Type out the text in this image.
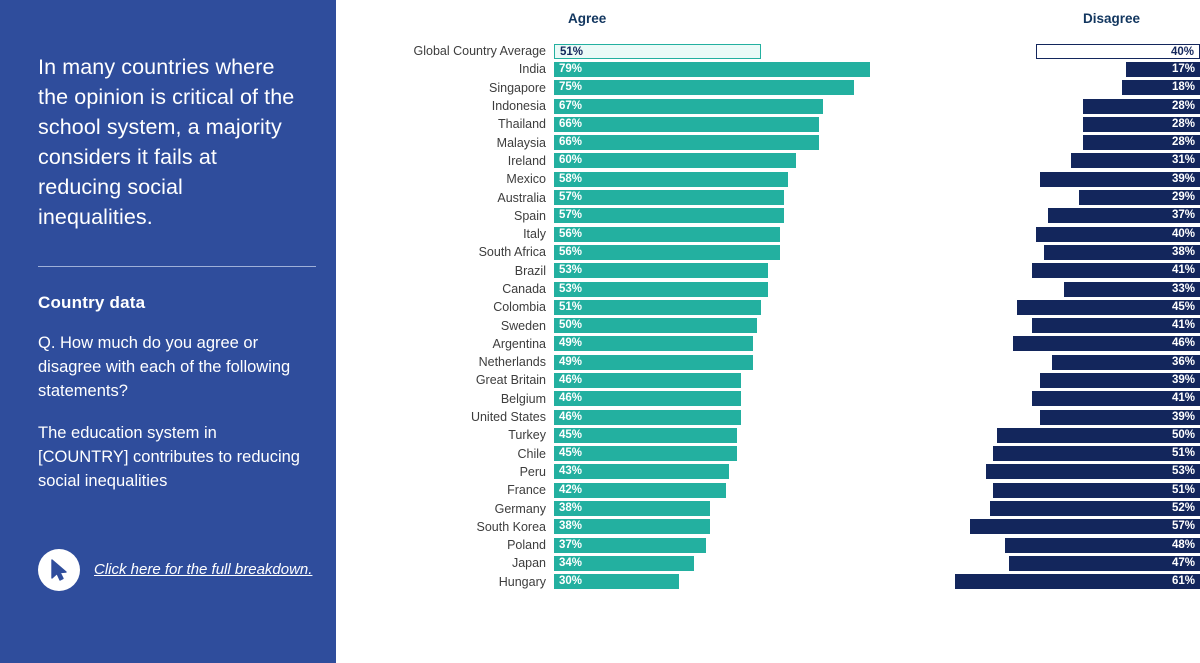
In many countries where the opinion is critical of the school system, a majority considers it fails at reducing social inequalities.
Country data
Q. How much do you agree or disagree with each of the following statements?
The education system in [COUNTRY] contributes to reducing social inequalities
Click here for the full breakdown.
Agree	Disagree
Global Country Average	51%	40%
India	79%	17%
Singapore	75%	18%
Indonesia	67%	28%
Thailand	66%	28%
Malaysia	66%	28%
Ireland	60%	31%
Mexico	58%	39%
Australia	57%	29%
Spain	57%	37%
Italy	56%	40%
South Africa	56%	38%
Brazil	53%	41%
Canada	53%	33%
Colombia	51%	45%
Sweden	50%	41%
Argentina	49%	46%
Netherlands	49%	36%
Great Britain	46%	39%
Belgium	46%	41%
United States	46%	39%
Turkey	45%	50%
Chile	45%	51%
Peru	43%	53%
France	42%	51%
Germany	38%	52%
South Korea	38%	57%
Poland	37%	48%
Japan	34%	47%
Hungary	30%	61%
